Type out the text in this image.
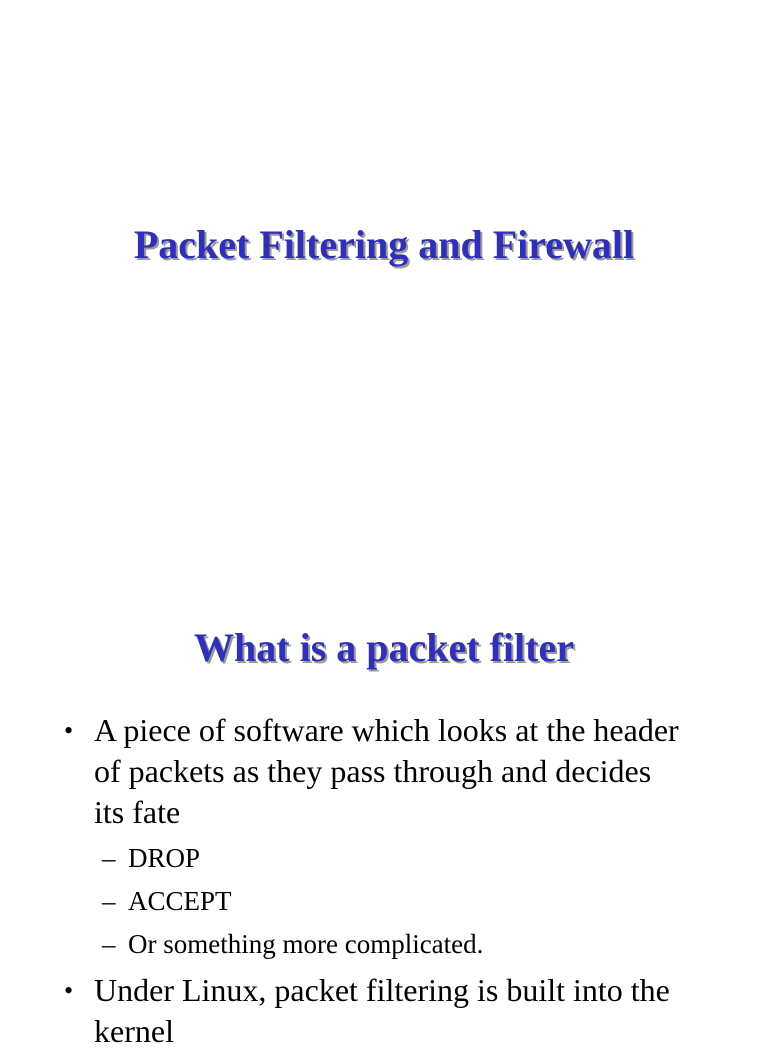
Packet Filtering and Firewall
What is a packet filter
• A piece of software which looks at the header of packets as they pass through and decides its fate
– DROP
– ACCEPT
– Or something more complicated.
• Under Linux, packet filtering is built into the kernel
